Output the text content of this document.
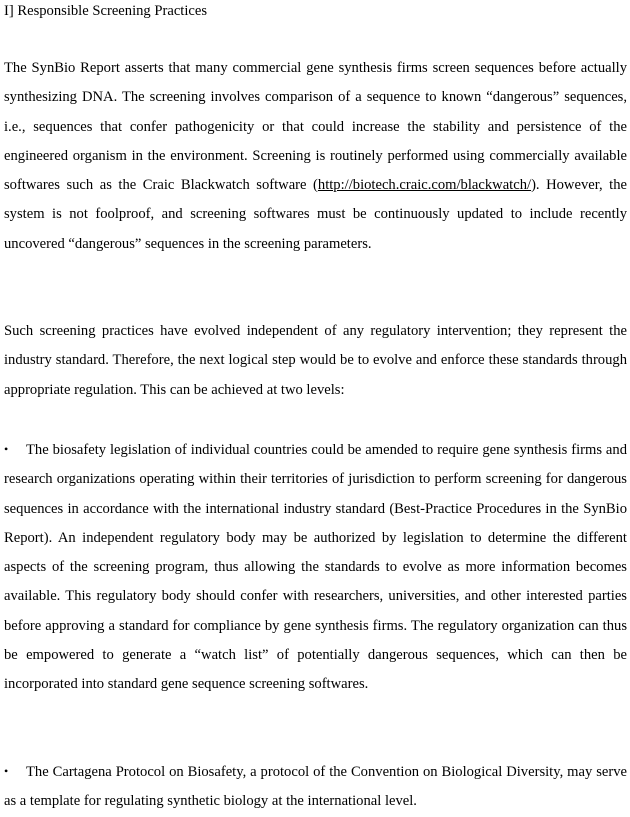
I] Responsible Screening Practices

The SynBio Report asserts that many commercial gene synthesis firms screen sequences before actually synthesizing DNA. The screening involves comparison of a sequence to known “dangerous” sequences, i.e., sequences that confer pathogenicity or that could increase the stability and persistence of the engineered organism in the environment. Screening is routinely performed using commercially available softwares such as the Craic Blackwatch software (http://biotech.craic.com/blackwatch/). However, the system is not foolproof, and screening softwares must be continuously updated to include recently uncovered “dangerous” sequences in the screening parameters.

Such screening practices have evolved independent of any regulatory intervention; they represent the industry standard. Therefore, the next logical step would be to evolve and enforce these standards through appropriate regulation. This can be achieved at two levels:

• The biosafety legislation of individual countries could be amended to require gene synthesis firms and research organizations operating within their territories of jurisdiction to perform screening for dangerous sequences in accordance with the international industry standard (Best-Practice Procedures in the SynBio Report). An independent regulatory body may be authorized by legislation to determine the different aspects of the screening program, thus allowing the standards to evolve as more information becomes available. This regulatory body should confer with researchers, universities, and other interested parties before approving a standard for compliance by gene synthesis firms. The regulatory organization can thus be empowered to generate a “watch list” of potentially dangerous sequences, which can then be incorporated into standard gene sequence screening softwares.

• The Cartagena Protocol on Biosafety, a protocol of the Convention on Biological Diversity, may serve as a template for regulating synthetic biology at the international level.
